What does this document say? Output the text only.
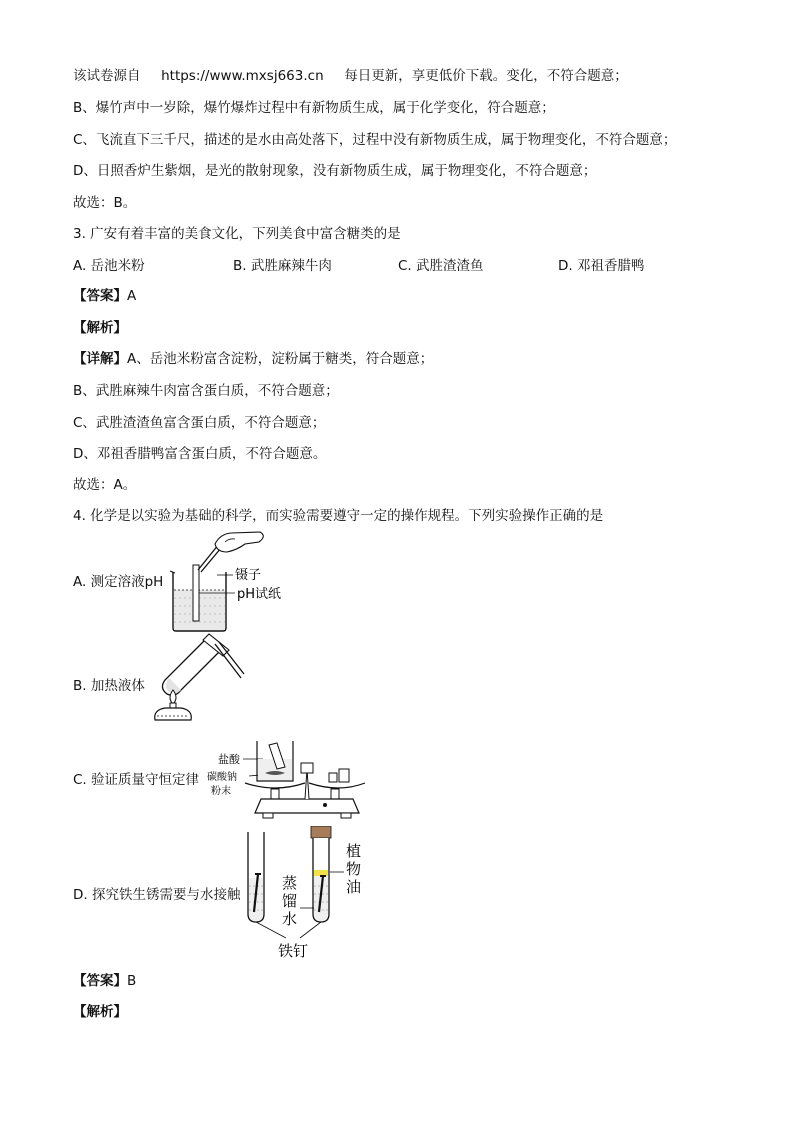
该试卷源自 https://www.mxsj663.cn 每日更新，享更低价下载。变化，不符合题意；
B、爆竹声中一岁除，爆竹爆炸过程中有新物质生成，属于化学变化，符合题意；
C、飞流直下三千尺，描述的是水由高处落下，过程中没有新物质生成，属于物理变化，不符合题意；
D、日照香炉生紫烟，是光的散射现象，没有新物质生成，属于物理变化，不符合题意；
故选：B。
3. 广安有着丰富的美食文化，下列美食中富含糖类的是
A. 岳池米粉	B. 武胜麻辣牛肉	C. 武胜渣渣鱼	D. 邓祖香腊鸭
【答案】A
【解析】
【详解】A、岳池米粉富含淀粉，淀粉属于糖类，符合题意；
B、武胜麻辣牛肉富含蛋白质，不符合题意；
C、武胜渣渣鱼富含蛋白质，不符合题意；
D、邓祖香腊鸭富含蛋白质，不符合题意。
故选：A。
4. 化学是以实验为基础的科学，而实验需要遵守一定的操作规程。下列实验操作正确的是
A. 测定溶液pH	镊子
pH试纸
B. 加热液体
C. 验证质量守恒定律
盐酸
碳酸钠
粉末
D. 探究铁生锈需要与水接触
植
物
油
蒸
馏
水
铁钉
【答案】B
【解析】
